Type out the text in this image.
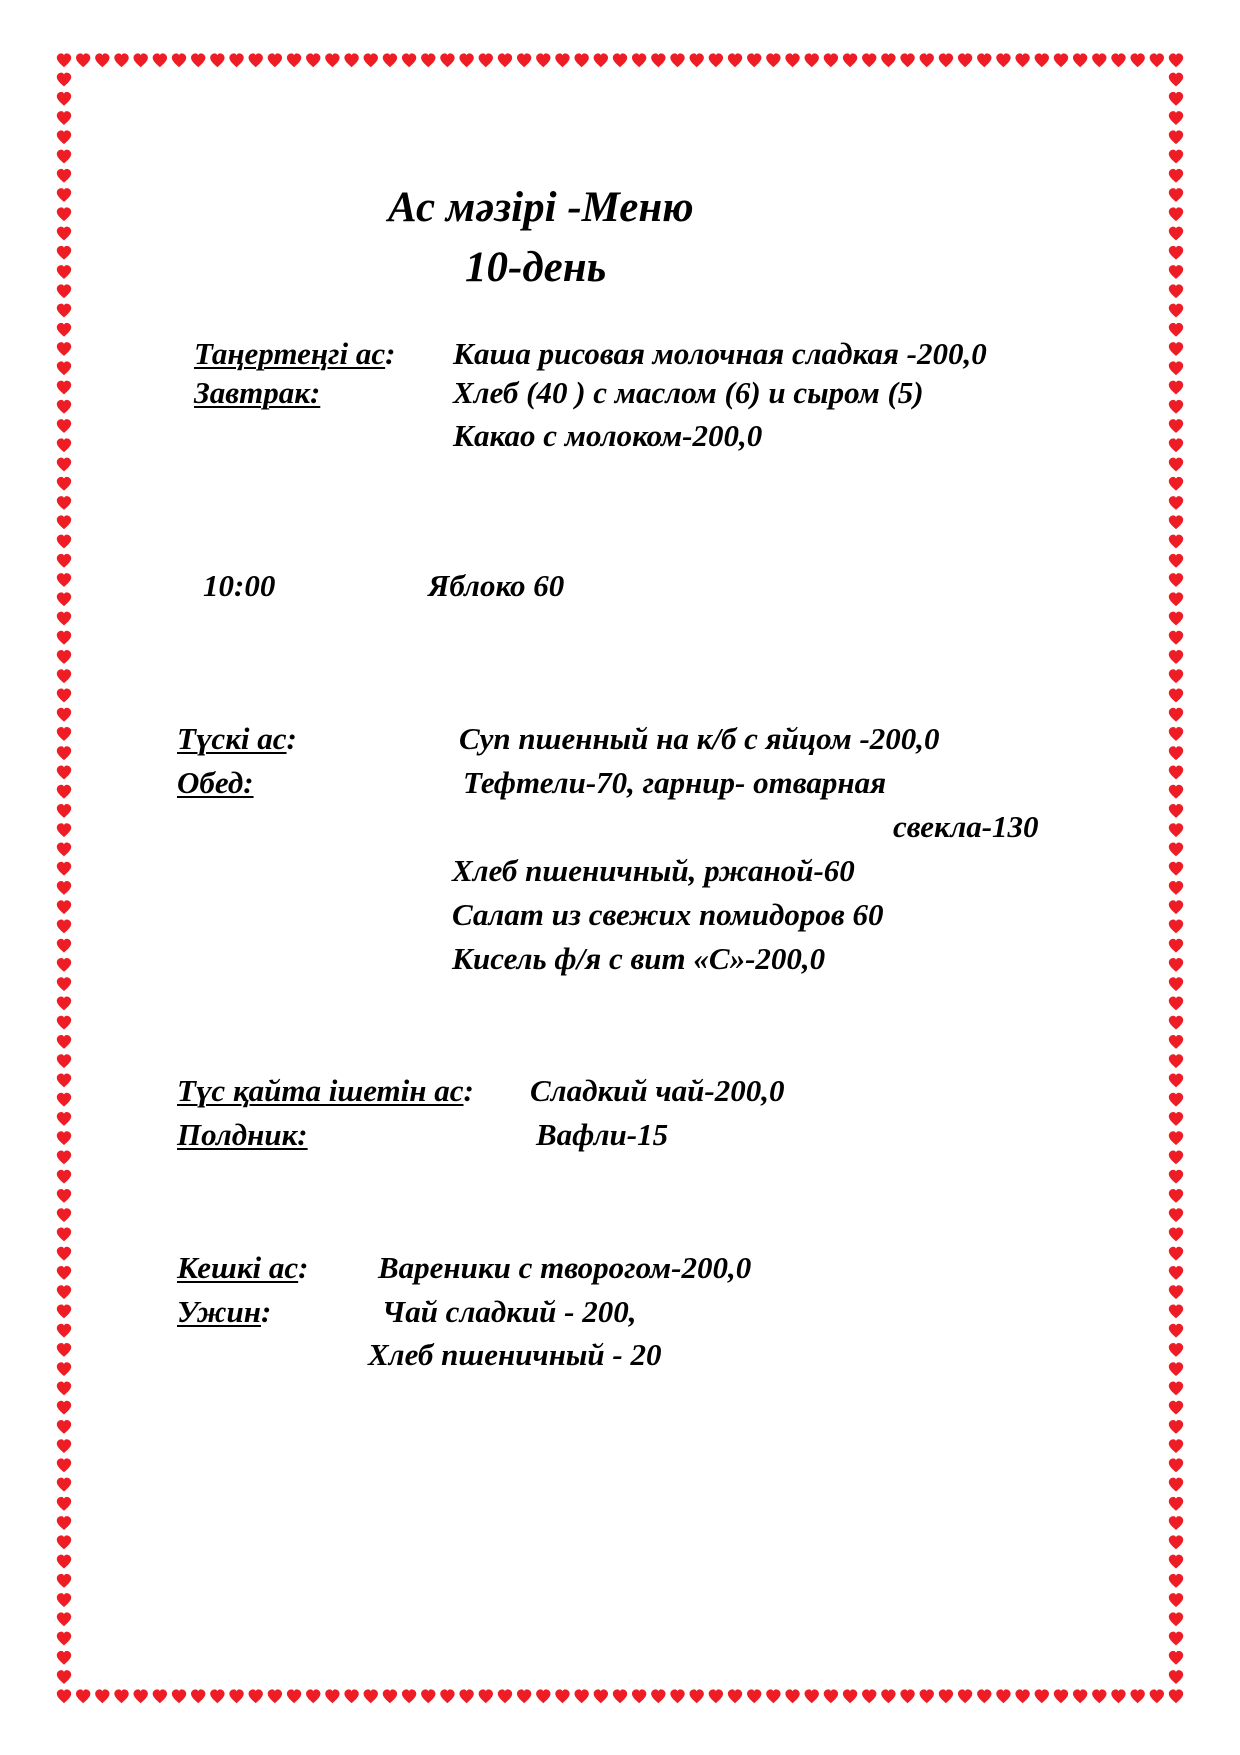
Ас мәзірі -Меню

10-день

Таңертеңгі ас:

Завтрак:

Каша рисовая молочная сладкая -200,0

Хлеб (40 ) с маслом (6) и сыром (5)

Какао с молоком-200,0

10:00	Яблоко 60

Түскі ас:

Обед:

Суп пшенный на к/б с яйцом -200,0

Тефтели-70, гарнир- отварная

свекла-130

Хлеб пшеничный, ржаной-60

Салат из свежих помидоров 60

Кисель ф/я с вит «С»-200,0

Түс қайта ішетін ас:

Полдник:

Сладкий чай-200,0

Вафли-15

Кешкі ас:

Ужин:

Вареники с творогом-200,0

Чай сладкий - 200,

Хлеб пшеничный - 20
